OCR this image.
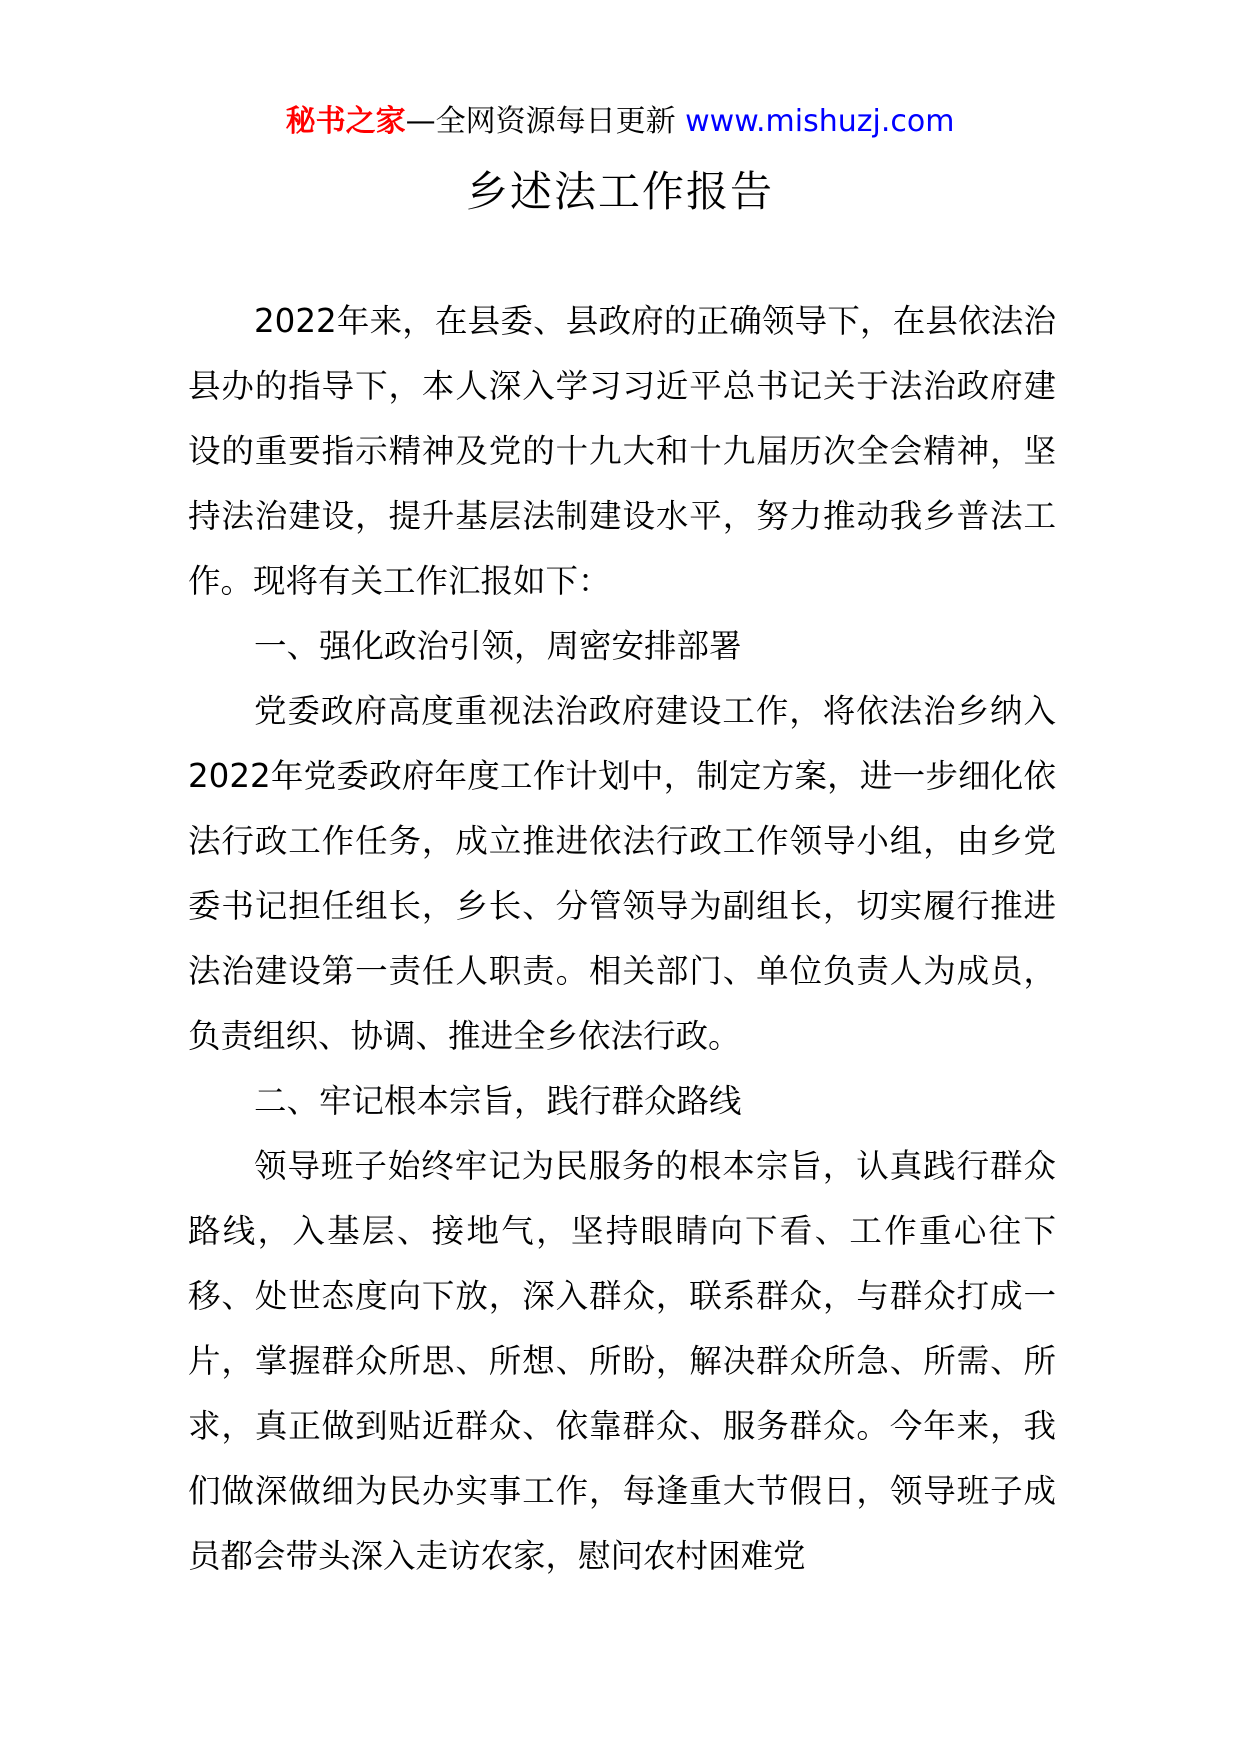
秘书之家—全网资源每日更新 www.mishuzj.com
乡述法工作报告

2022年来，在县委、县政府的正确领导下，在县依法治县办的指导下，本人深入学习习近平总书记关于法治政府建设的重要指示精神及党的十九大和十九届历次全会精神，坚持法治建设，提升基层法制建设水平，努力推动我乡普法工作。现将有关工作汇报如下：

一、强化政治引领，周密安排部署

党委政府高度重视法治政府建设工作，将依法治乡纳入2022年党委政府年度工作计划中，制定方案，进一步细化依法行政工作任务，成立推进依法行政工作领导小组，由乡党委书记担任组长，乡长、分管领导为副组长，切实履行推进法治建设第一责任人职责。相关部门、单位负责人为成员，负责组织、协调、推进全乡依法行政。

二、牢记根本宗旨，践行群众路线

领导班子始终牢记为民服务的根本宗旨，认真践行群众路线，入基层、接地气，坚持眼睛向下看、工作重心往下移、处世态度向下放，深入群众，联系群众，与群众打成一片，掌握群众所思、所想、所盼，解决群众所急、所需、所求，真正做到贴近群众、依靠群众、服务群众。今年来，我们做深做细为民办实事工作，每逢重大节假日，领导班子成员都会带头深入走访农家，慰问农村困难党
